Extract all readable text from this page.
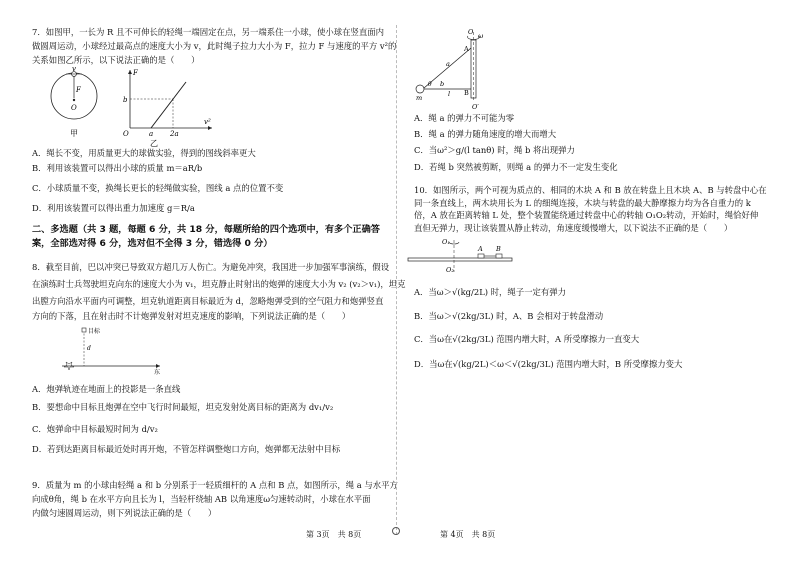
7．如图甲，一长为 R 且不可伸长的轻绳一端固定在点，另一端系住一小球，使小球在竖直面内
做圆周运动，小球经过最高点的速度大小为 v，此时绳子拉力大小为 F，拉力 F 与速度的平方 v²的
关系如图乙所示，以下说法正确的是（　　）
v
F
O
甲
F
v²
b
O	a 2a
乙
A．绳长不变，用质量更大的球做实验，得到的图线斜率更大
B．利用该装置可以得出小球的质量 m＝aR/b
C．小球质量不变，换绳长更长的轻绳做实验，图线 a 点的位置不变
D．利用该装置可以得出重力加速度 g＝R/a
二、多选题（共 3 题，每题 6 分，共 18 分，每题所给的四个选项中，有多个正确答
案，全部选对得 6 分，选对但不全得 3 分，错选得 0 分）
8．截至目前，巴以冲突已导致双方超几万人伤亡。为避免冲突，我国进一步加强军事演练，假设
在演练时士兵驾驶坦克向东的速度大小为 v₁，坦克静止时射出的炮弹的速度大小为 v₂ (v₂＞v₁)，坦克
出膛方向沿水平面内可调整，坦克轨道距离目标最近为 d，忽略炮弹受到的空气阻力和炮弹竖直
方向的下落，且在射击时不计炮弹发射对坦克速度的影响，下列说法正确的是（　　）
目标
d
东
A．炮弹轨迹在地面上的投影是一条直线
B．要想命中目标且炮弹在空中飞行时间最短，坦克发射处离目标的距离为 dv₁/v₂
C．炮弹命中目标最短时间为 d/v₂
D．若到达距离目标最近处时再开炮，不管怎样调整炮口方向，炮弹都无法射中目标
9．质量为 m 的小球由轻绳 a 和 b 分别系于一轻质细杆的 A 点和 B 点，如图所示，绳 a 与水平方
向成θ角，绳 b 在水平方向且长为 l，当轻杆绕轴 AB 以角速度ω匀速转动时，小球在水平面
内做匀速圆周运动，则下列说法正确的是（　　）
第 3页　共 8页
ω
O
A
B
O′
a
b
l
θ
m
A．绳 a 的弹力不可能为零
B．绳 a 的弹力随角速度的增大而增大
C．当ω²＞g/(l tanθ) 时，绳 b 将出现弹力
D．若绳 b 突然被剪断，则绳 a 的弹力不一定发生变化
10．如图所示，两个可视为质点的、相同的木块 A 和 B 放在转盘上且木块 A、B 与转盘中心在
同一条直线上，两木块用长为 L 的细绳连接，木块与转盘的最大静摩擦力均为各自重力的 k
倍，A 放在距离转轴 L 处，整个装置能绕通过转盘中心的转轴 O₁O₂转动，开始时，绳恰好伸
直但无弹力，现让该装置从静止转动，角速度缓慢增大，以下说法不正确的是（　　）
O₁
O₂
A B
A．当ω＞√(kg/2L) 时，绳子一定有弹力
B．当ω＞√(2kg/3L) 时，A、B 会相对于转盘滑动
C．当ω在√(2kg/3L) 范围内增大时，A 所受摩擦力一直变大
D．当ω在√(kg/2L)＜ω＜√(2kg/3L) 范围内增大时，B 所受摩擦力变大
第 4页　共 8页
